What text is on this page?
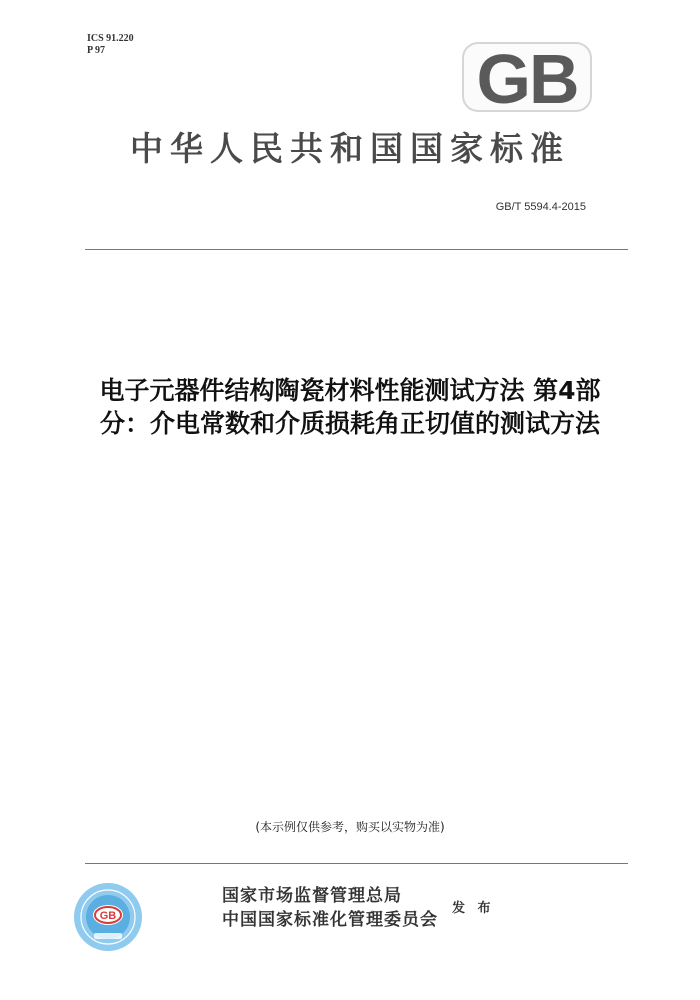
ICS 91.220
P 97	GB
中华人民共和国国家标准
GB/T 5594.4-2015
电子元器件结构陶瓷材料性能测试方法 第4部
分：介电常数和介质损耗角正切值的测试方法
(本示例仅供参考，购买以实物为准)
GB
国家市场监督管理总局
中国国家标准化管理委员会
发 布
